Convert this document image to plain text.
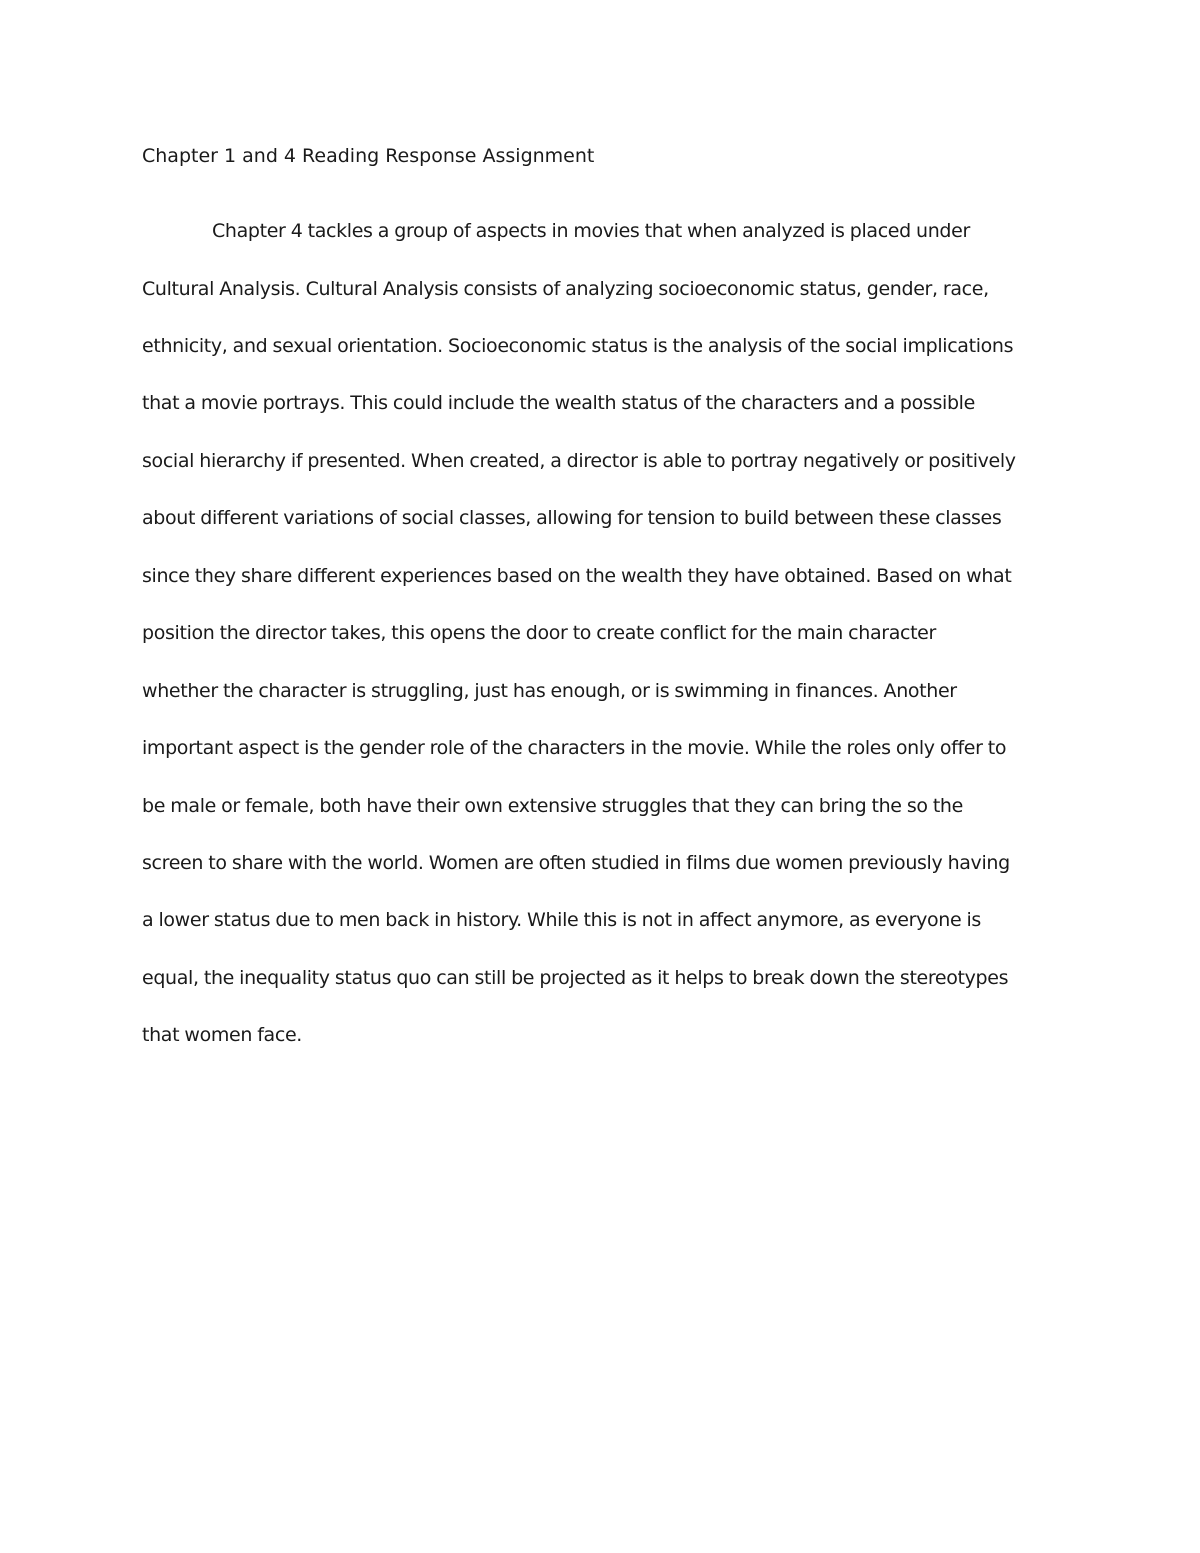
Chapter 1 and 4 Reading Response Assignment

Chapter 4 tackles a group of aspects in movies that when analyzed is placed under

Cultural Analysis. Cultural Analysis consists of analyzing socioeconomic status, gender, race,

ethnicity, and sexual orientation. Socioeconomic status is the analysis of the social implications

that a movie portrays. This could include the wealth status of the characters and a possible

social hierarchy if presented. When created, a director is able to portray negatively or positively

about different variations of social classes, allowing for tension to build between these classes

since they share different experiences based on the wealth they have obtained. Based on what

position the director takes, this opens the door to create conflict for the main character

whether the character is struggling, just has enough, or is swimming in finances. Another

important aspect is the gender role of the characters in the movie. While the roles only offer to

be male or female, both have their own extensive struggles that they can bring the so the

screen to share with the world. Women are often studied in films due women previously having

a lower status due to men back in history. While this is not in affect anymore, as everyone is

equal, the inequality status quo can still be projected as it helps to break down the stereotypes

that women face.
